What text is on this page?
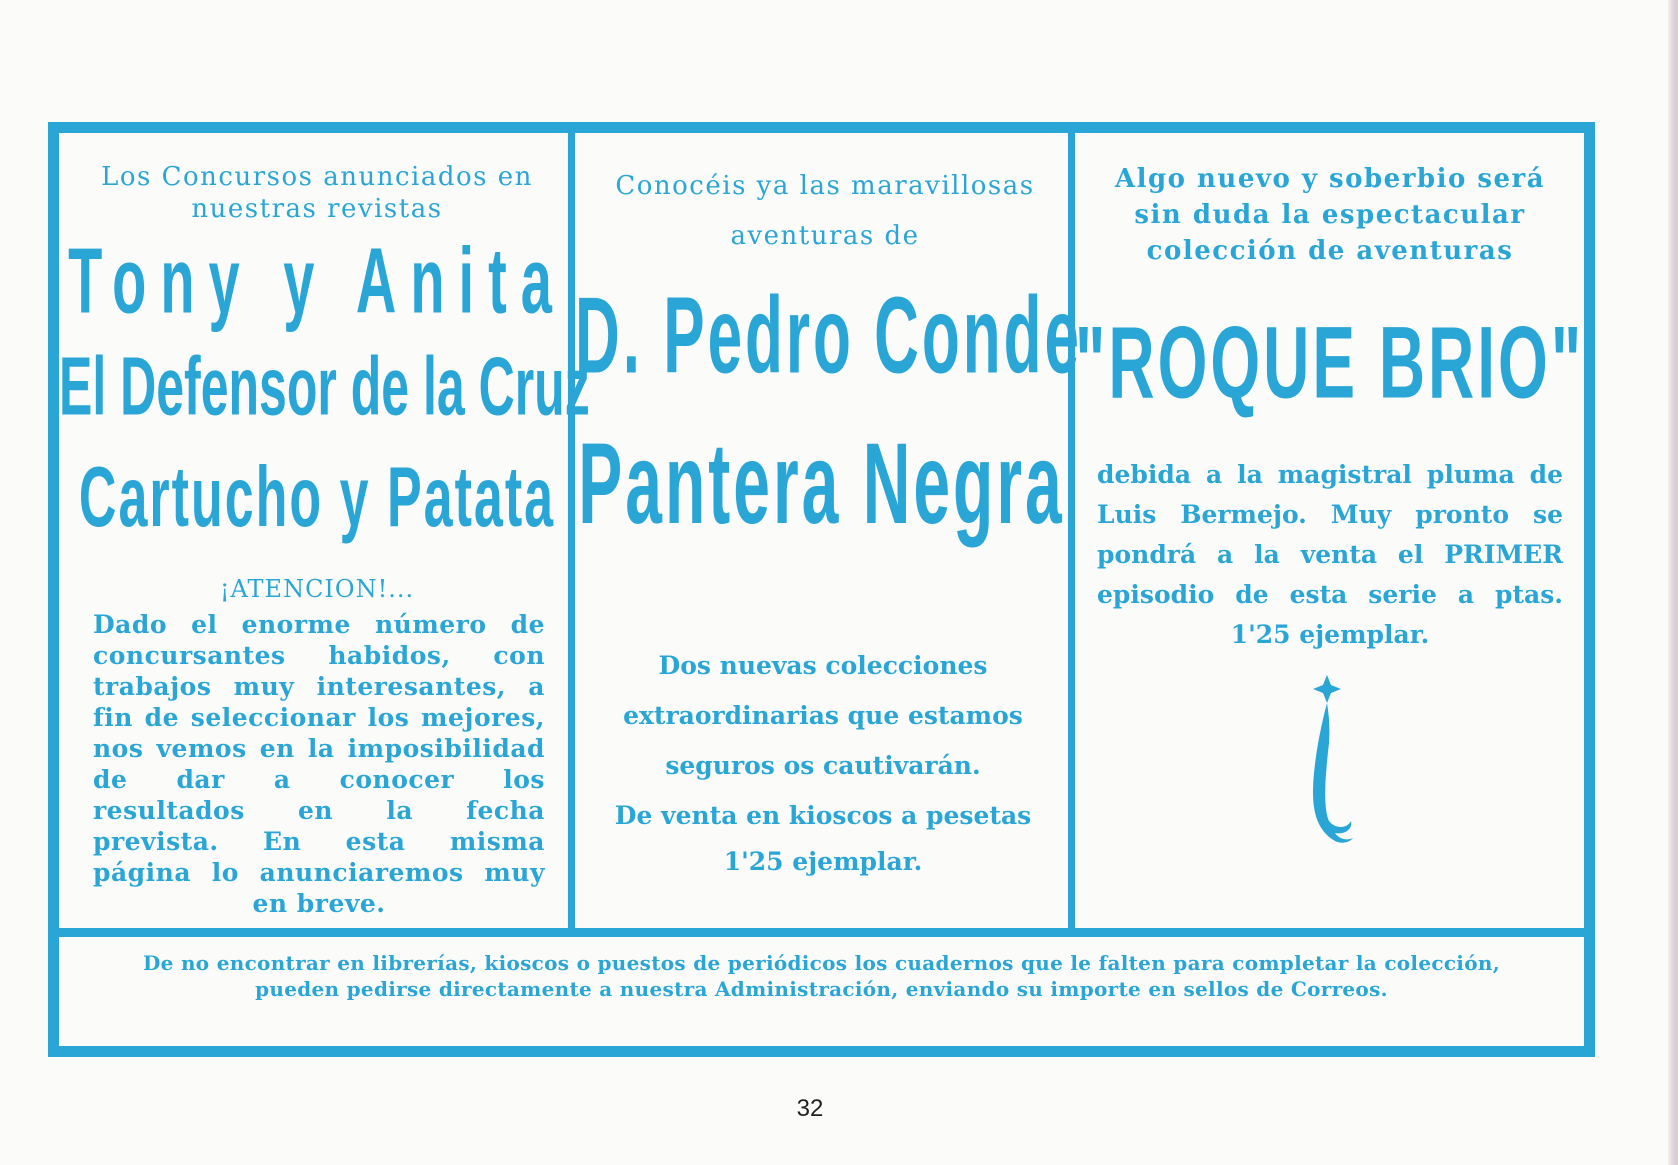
Los Concursos anunciados en nuestras revistas
Tony y Anita
El Defensor de la Cruz
Cartucho y Patata
¡ATENCION!...
Dado el enorme número de concursantes habidos, con trabajos muy interesantes, a fin de seleccionar los mejores, nos vemos en la imposibilidad de dar a conocer los resultados en la fecha prevista. En esta misma página lo anunciaremos muy en breve.
Conocéis ya las maravillosas aventuras de
D. Pedro Conde
Pantera Negra
Dos nuevas colecciones extraordinarias que estamos seguros os cautivarán.
De venta en kioscos a pesetas 1'25 ejemplar.
Algo nuevo y soberbio será sin duda la espectacular colección de aventuras
"ROQUE BRIO"
debida a la magistral pluma de Luis Bermejo. Muy pronto se pondrá a la venta el PRIMER episodio de esta serie a ptas. 1'25 ejemplar.
De no encontrar en librerías, kioscos o puestos de periódicos los cuadernos que le falten para completar la colección, pueden pedirse directamente a nuestra Administración, enviando su importe en sellos de Correos.
32
